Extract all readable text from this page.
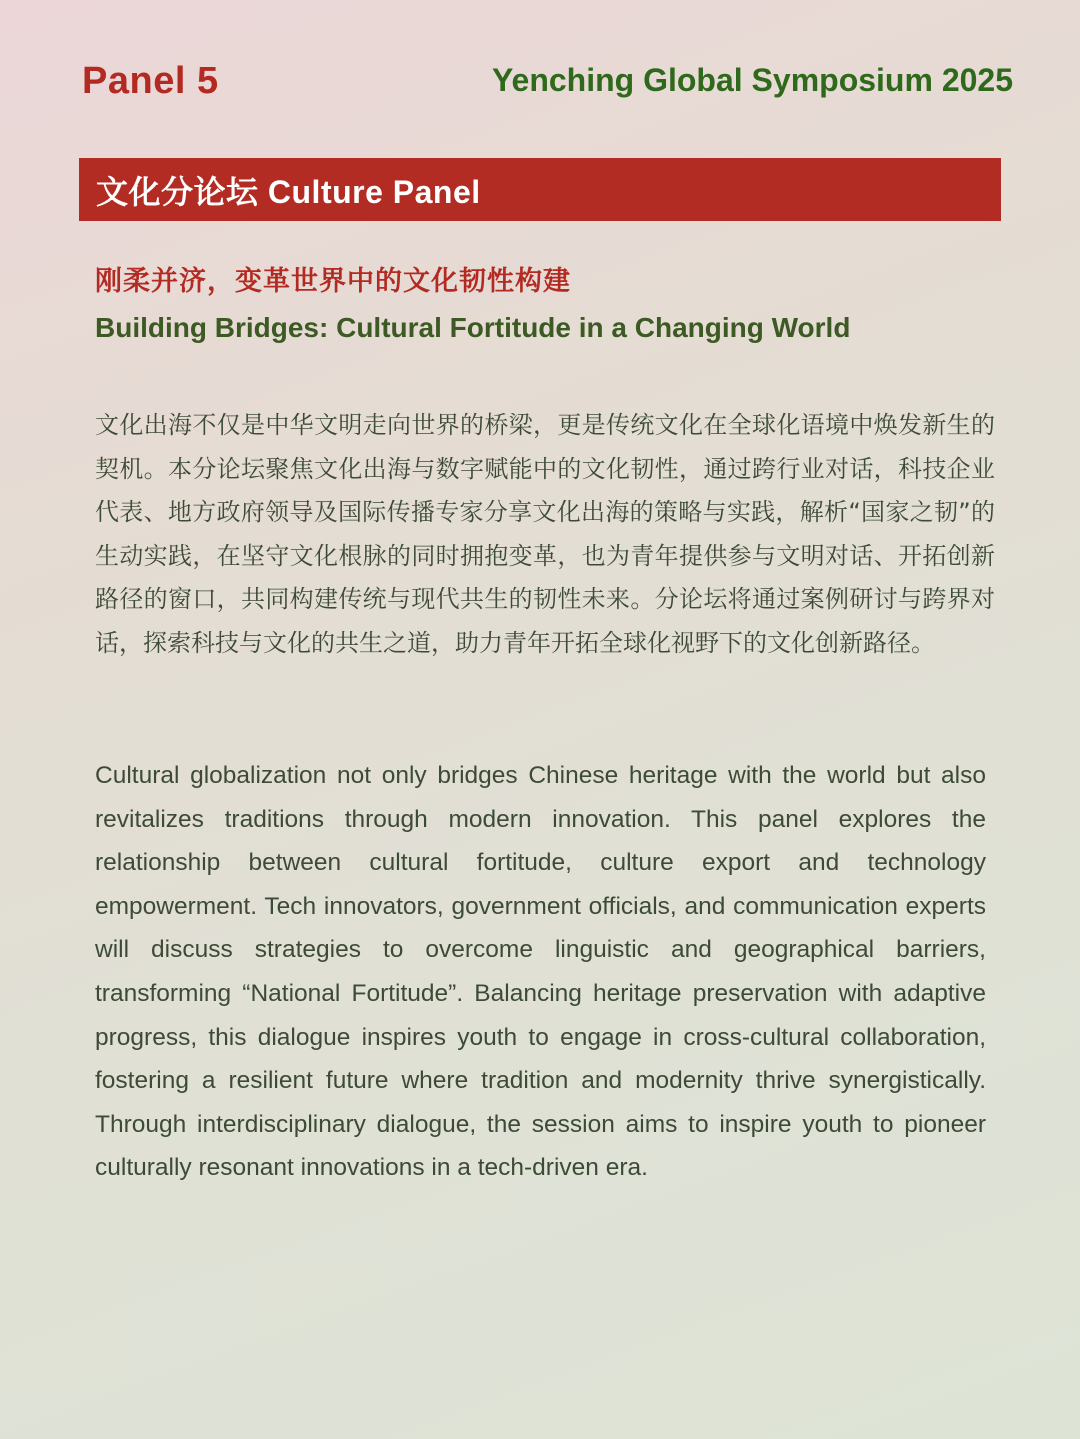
Panel 5	Yenching Global Symposium 2025
文化分论坛 Culture Panel
刚柔并济，变革世界中的文化韧性构建
Building Bridges: Cultural Fortitude in a Changing World

文化出海不仅是中华文明走向世界的桥梁，更是传统文化在全球化语境中焕发新生的契机。本分论坛聚焦文化出海与数字赋能中的文化韧性，通过跨行业对话，科技企业代表、地方政府领导及国际传播专家分享文化出海的策略与实践，解析“国家之韧”的生动实践，在坚守文化根脉的同时拥抱变革，也为青年提供参与文明对话、开拓创新路径的窗口，共同构建传统与现代共生的韧性未来。分论坛将通过案例研讨与跨界对话，探索科技与文化的共生之道，助力青年开拓全球化视野下的文化创新路径。

Cultural globalization not only bridges Chinese heritage with the world but also revitalizes traditions through modern innovation. This panel explores the relationship between cultural fortitude, culture export and technology empowerment. Tech innovators, government officials, and communication experts will discuss strategies to overcome linguistic and geographical barriers, transforming “National Fortitude”. Balancing heritage preservation with adaptive progress, this dialogue inspires youth to engage in cross-cultural collaboration, fostering a resilient future where tradition and modernity thrive synergistically. Through interdisciplinary dialogue, the session aims to inspire youth to pioneer culturally resonant innovations in a tech-driven era.
